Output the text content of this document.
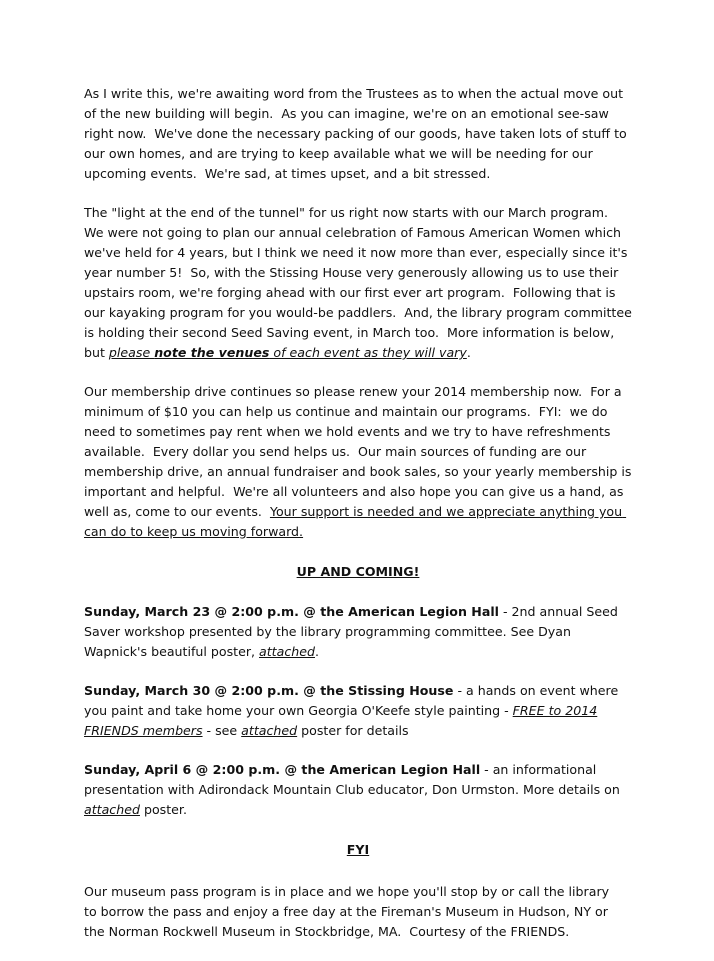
As I write this, we're awaiting word from the Trustees as to when the actual move out of the new building will begin.  As you can imagine, we're on an emotional see-saw right now.  We've done the necessary packing of our goods, have taken lots of stuff to our own homes, and are trying to keep available what we will be needing for our upcoming events.  We're sad, at times upset, and a bit stressed.

The "light at the end of the tunnel" for us right now starts with our March program.  We were not going to plan our annual celebration of Famous American Women which we've held for 4 years, but I think we need it now more than ever, especially since it's year number 5!  So, with the Stissing House very generously allowing us to use their upstairs room, we're forging ahead with our first ever art program.  Following that is our kayaking program for you would-be paddlers.  And, the library program committee is holding their second Seed Saving event, in March too.  More information is below, but please note the venues of each event as they will vary.

Our membership drive continues so please renew your 2014 membership now.  For a minimum of $10 you can help us continue and maintain our programs.  FYI:  we do need to sometimes pay rent when we hold events and we try to have refreshments available.  Every dollar you send helps us.  Our main sources of funding are our membership drive, an annual fundraiser and book sales, so your yearly membership is important and helpful.  We're all volunteers and also hope you can give us a hand, as well as, come to our events.  Your support is needed and we appreciate anything you can do to keep us moving forward.

UP AND COMING!

Sunday, March 23 @ 2:00 p.m. @ the American Legion Hall - 2nd annual Seed Saver workshop presented by the library programming committee. See Dyan Wapnick's beautiful poster, attached.

Sunday, March 30 @ 2:00 p.m. @ the Stissing House - a hands on event where you paint and take home your own Georgia O'Keefe style painting - FREE to 2014 FRIENDS members - see attached poster for details

Sunday, April 6 @ 2:00 p.m. @ the American Legion Hall - an informational presentation with Adirondack Mountain Club educator, Don Urmston. More details on attached poster.

FYI

Our museum pass program is in place and we hope you'll stop by or call the library
to borrow the pass and enjoy a free day at the Fireman's Museum in Hudson, NY or the Norman Rockwell Museum in Stockbridge, MA.  Courtesy of the FRIENDS.
